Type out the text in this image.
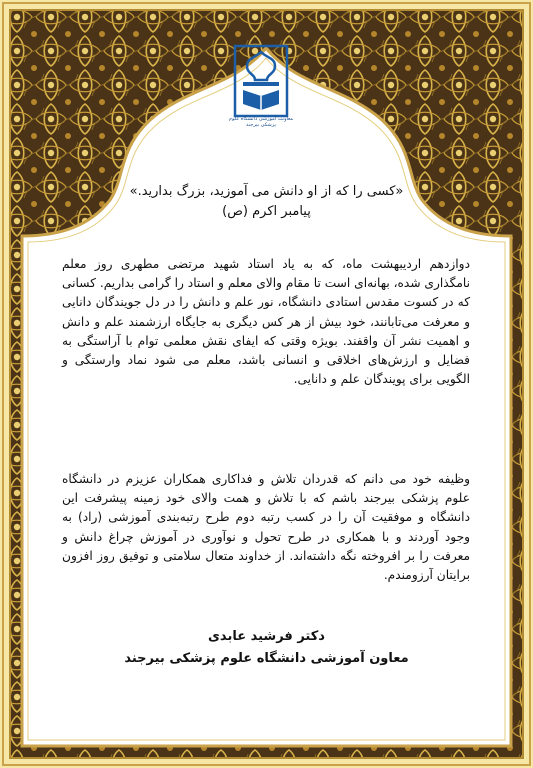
معاونت آموزشی دانشگاه علوم پزشکی بیرجند
«کسی را که از او دانش می آموزید، بزرگ بدارید.»
پیامبر اکرم (ص)
دوازدهم اردیبهشت ماه، که به یاد استاد شهید مرتضی مطهری روز معلم نامگذاری شده، بهانه‌ای است تا مقام والای معلم و استاد را گرامی بداریم. کسانی که در کسوت مقدس استادی دانشگاه، نور علم و دانش را در دل جویندگان دانایی و معرفت می‌تابانند، خود بیش از هر کس دیگری به جایگاه ارزشمند علم و دانش و اهمیت نشر آن واقفند. بویژه وقتی که ایفای نقش معلمی توام با آراستگی به فضایل و ارزش‌های اخلاقی و انسانی باشد، معلم می شود نماد وارستگی و الگویی برای پویندگان علم و دانایی.
وظیفه خود می دانم که قدردان تلاش و فداکاری همکاران عزیزم در دانشگاه علوم پزشکی بیرجند باشم که با تلاش و همت والای خود زمینه پیشرفت این دانشگاه و موفقیت آن را در کسب رتبه دوم طرح رتبه‌بندی آموزشی (راد) به وجود آوردند و با همکاری در طرح تحول و نوآوری در آموزش چراغ دانش و معرفت را بر افروخته نگه داشته‌اند. از خداوند متعال سلامتی و توفیق روز افزون برایتان آرزومندم.
دکتر فرشید عابدی
معاون آموزشی دانشگاه علوم پزشکی بیرجند
